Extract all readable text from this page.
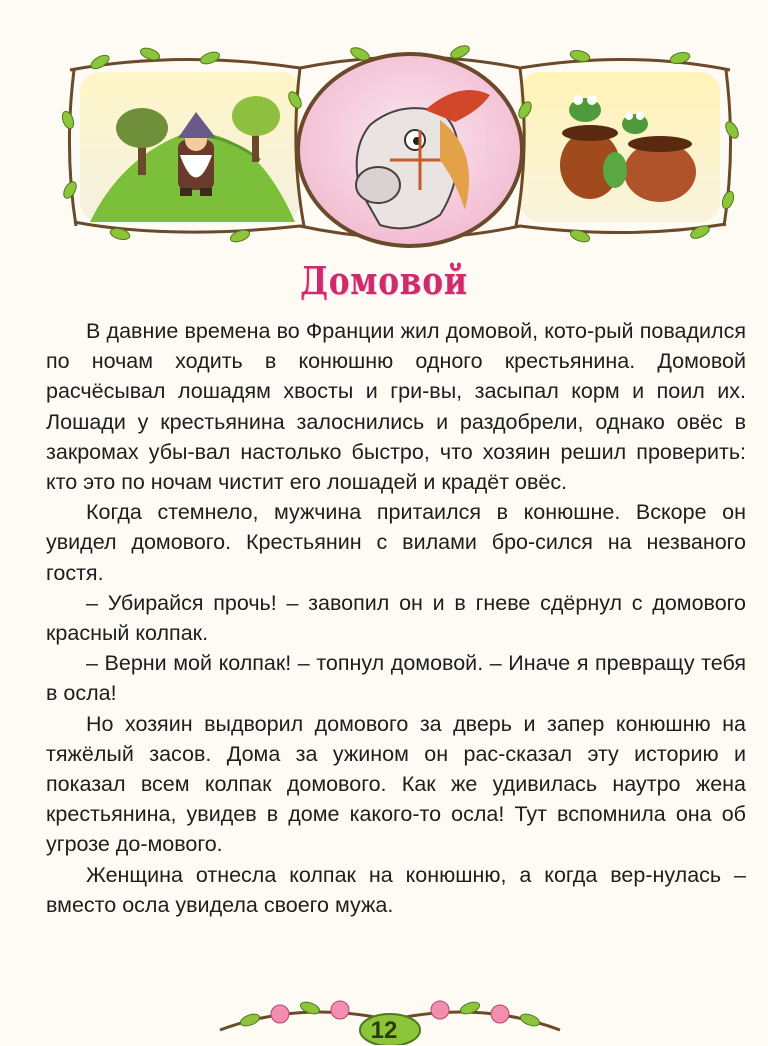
Домовой

В давние времена во Франции жил домовой, кото-рый повадился по ночам ходить в конюшню одного крестьянина. Домовой расчёсывал лошадям хвосты и гри-вы, засыпал корм и поил их. Лошади у крестьянина залоснились и раздобрели, однако овёс в закромах убы-вал настолько быстро, что хозяин решил проверить: кто это по ночам чистит его лошадей и крадёт овёс.

Когда стемнело, мужчина притаился в конюшне. Вскоре он увидел домового. Крестьянин с вилами бро-сился на незваного гостя.

– Убирайся прочь! – завопил он и в гневе сдёрнул с домового красный колпак.

– Верни мой колпак! – топнул домовой. – Иначе я превращу тебя в осла!

Но хозяин выдворил домового за дверь и запер конюшню на тяжёлый засов. Дома за ужином он рас-сказал эту историю и показал всем колпак домового. Как же удивилась наутро жена крестьянина, увидев в доме какого-то осла! Тут вспомнила она об угрозе до-мового.

Женщина отнесла колпак на конюшню, а когда вер-нулась – вместо осла увидела своего мужа.

12
